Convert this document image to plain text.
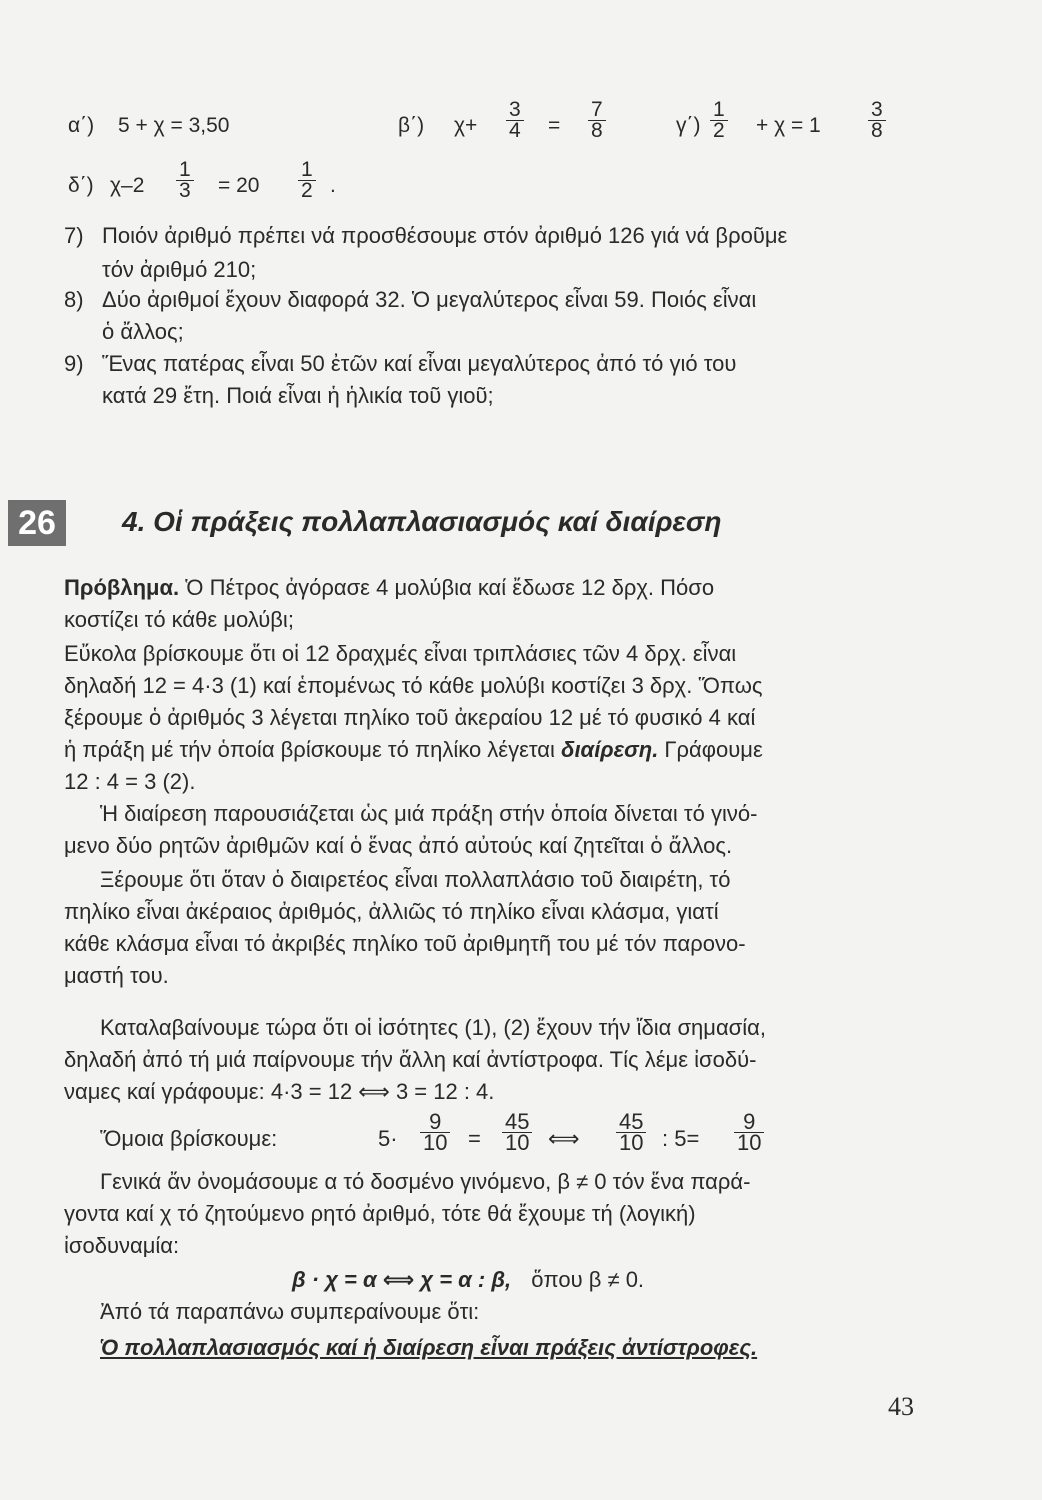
α΄) 5 + χ = 3,50	β΄) $\chi+ \frac{3}{4} = \frac{7}{8}$	$\gamma΄) \frac{1}{2} + \chi = 1 \frac{3}{8}$
δ΄) $\chi-2 \frac{1}{3} = 20 \frac{1}{2}$ .
7) Ποιόν ἀριθμό πρέπει νά προσθέσουμε στόν ἀριθμό 126 γιά νά βροῦμε
τόν ἀριθμό 210;
8) Δύο ἀριθμοί ἔχουν διαφορά 32. Ὁ μεγαλύτερος εἶναι 59. Ποιός εἶναι
ὁ ἄλλος;
9) Ἕνας πατέρας εἶναι 50 ἐτῶν καί εἶναι μεγαλύτερος ἀπό τό γιό του
κατά 29 ἔτη. Ποιά εἶναι ἡ ἡλικία τοῦ γιοῦ;
26	4. Οἱ πράξεις πολλαπλασιασμός καί διαίρεση
Πρόβλημα. Ὁ Πέτρος ἀγόρασε 4 μολύβια καί ἔδωσε 12 δρχ. Πόσο
κοστίζει τό κάθε μολύβι;
Εὔκολα βρίσκουμε ὅτι οἱ 12 δραχμές εἶναι τριπλάσιες τῶν 4 δρχ. εἶναι
δηλαδή 12 = 4·3 (1) καί ἑπομένως τό κάθε μολύβι κοστίζει 3 δρχ. Ὅπως
ξέρουμε ὁ ἀριθμός 3 λέγεται πηλίκο τοῦ ἀκεραίου 12 μέ τό φυσικό 4 καί
ἡ πράξη μέ τήν ὁποία βρίσκουμε τό πηλίκο λέγεται διαίρεση. Γράφουμε
12 : 4 = 3 (2).
Ἡ διαίρεση παρουσιάζεται ὡς μιά πράξη στήν ὁποία δίνεται τό γινό-
μενο δύο ρητῶν ἀριθμῶν καί ὁ ἕνας ἀπό αὐτούς καί ζητεῖται ὁ ἄλλος.
Ξέρουμε ὅτι ὅταν ὁ διαιρετέος εἶναι πολλαπλάσιο τοῦ διαιρέτη, τό
πηλίκο εἶναι ἀκέραιος ἀριθμός, ἀλλιῶς τό πηλίκο εἶναι κλάσμα, γιατί
κάθε κλάσμα εἶναι τό ἀκριβές πηλίκο τοῦ ἀριθμητῆ του μέ τόν παρονο-
μαστή του.
Καταλαβαίνουμε τώρα ὅτι οἱ ἰσότητες (1), (2) ἔχουν τήν ἴδια σημασία,
δηλαδή ἀπό τή μιά παίρνουμε τήν ἄλλη καί ἀντίστροφα. Τίς λέμε ἰσοδύ-
ναμες καί γράφουμε: 4·3 = 12 ⟺ 3 = 12 : 4.
Ὅμοια βρίσκουμε:	$5\cdot \frac{9}{10} = \frac{45}{10}$ ⟺ $\frac{45}{10}$ : $5= \frac{9}{10}$
Γενικά ἄν ὀνομάσουμε α τό δοσμένο γινόμενο, β ≠ 0 τόν ἕνα παρά-
γοντα καί χ τό ζητούμενο ρητό ἀριθμό, τότε θά ἔχουμε τή (λογική)
ἰσοδυναμία:
β · χ = α ⟺ χ = α : β, ὅπου β ≠ 0.
Ἀπό τά παραπάνω συμπεραίνουμε ὅτι:
Ὁ πολλαπλασιασμός καί ἡ διαίρεση εἶναι πράξεις ἀντίστροφες.
43
